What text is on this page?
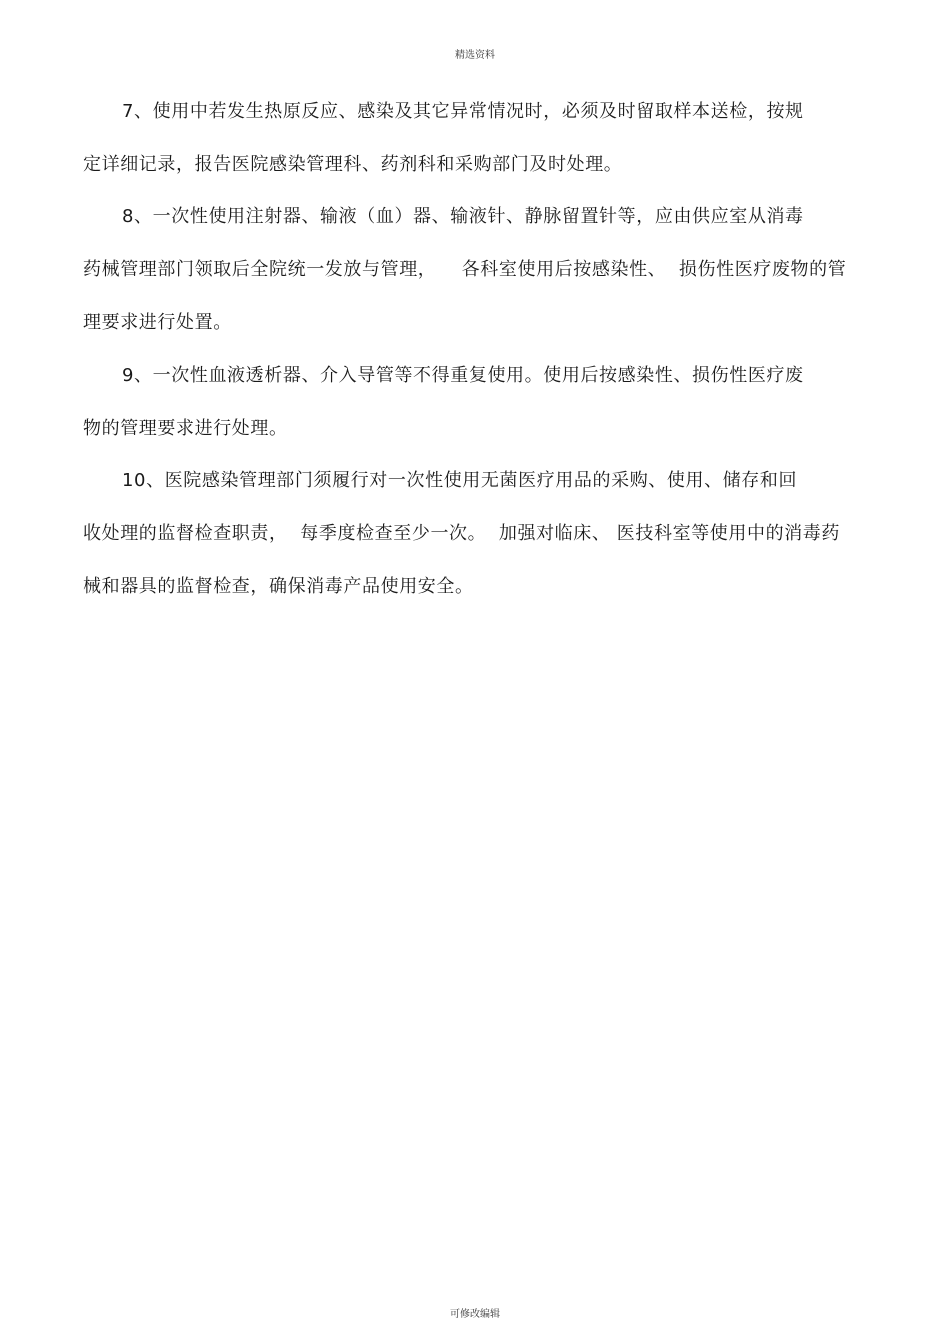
精选资料
7、使用中若发生热原反应、感染及其它异常情况时，必须及时留取样本送检，按规
定详细记录，报告医院感染管理科、药剂科和采购部门及时处理。
8、一次性使用注射器、输液（血）器、输液针、静脉留置针等，应由供应室从消毒
药械管理部门领取后全院统一发放与管理，    各科室使用后按感染性、  损伤性医疗废物的管
理要求进行处置。
9、一次性血液透析器、介入导管等不得重复使用。使用后按感染性、损伤性医疗废
物的管理要求进行处理。
10、医院感染管理部门须履行对一次性使用无菌医疗用品的采购、使用、储存和回
收处理的监督检查职责，  每季度检查至少一次。  加强对临床、 医技科室等使用中的消毒药
械和器具的监督检查，确保消毒产品使用安全。
可修改编辑
